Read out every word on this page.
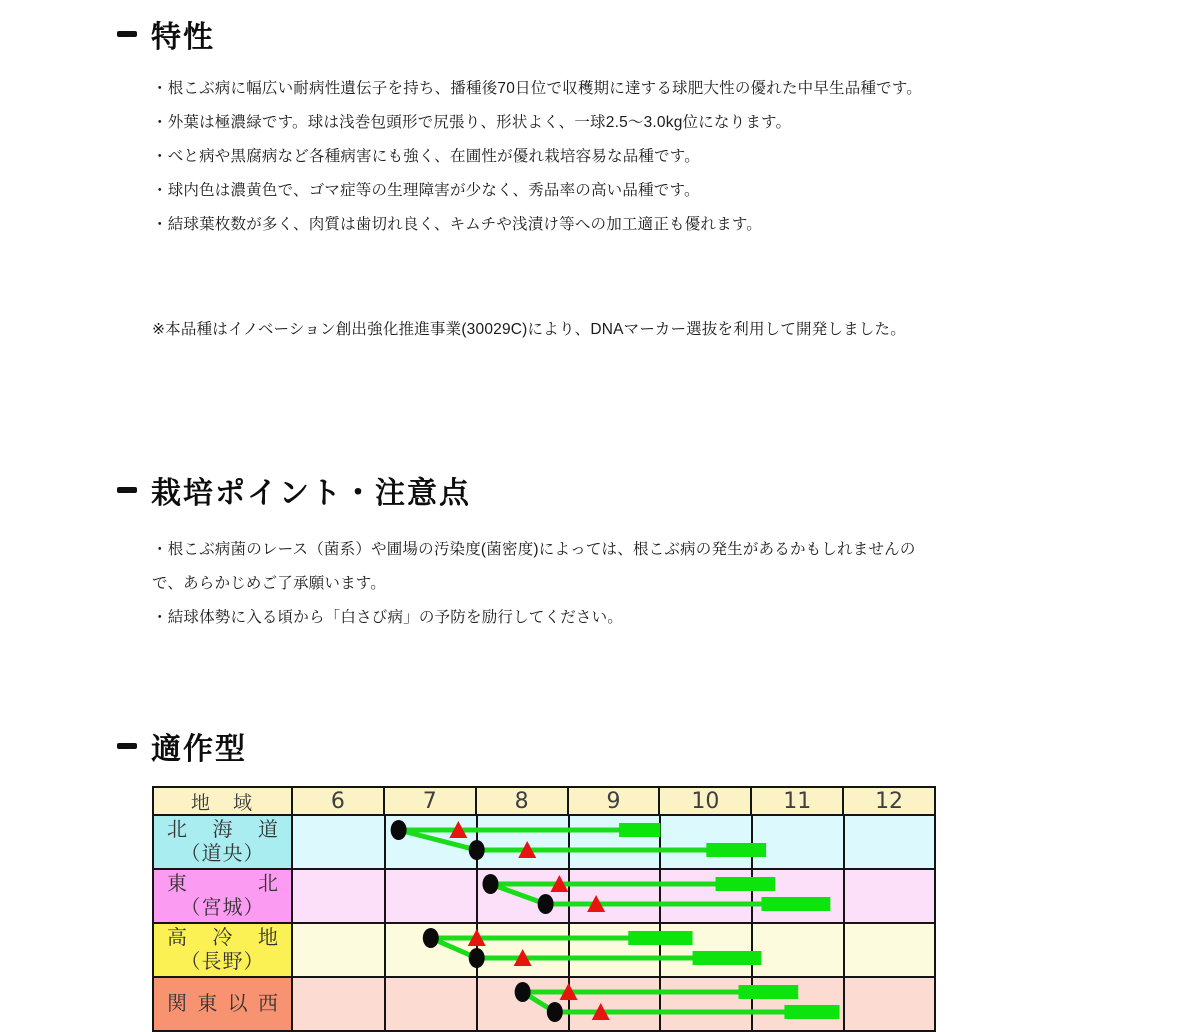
特性
・根こぶ病に幅広い耐病性遺伝子を持ち、播種後70日位で収穫期に達する球肥大性の優れた中早生品種です。
・外葉は極濃緑です。球は浅巻包頭形で尻張り、形状よく、一球2.5〜3.0kg位になります。
・べと病や黒腐病など各種病害にも強く、在圃性が優れ栽培容易な品種です。
・球内色は濃黄色で、ゴマ症等の生理障害が少なく、秀品率の高い品種です。
・結球葉枚数が多く、肉質は歯切れ良く、キムチや浅漬け等への加工適正も優れます。
※本品種はイノベーション創出強化推進事業(30029C)により、DNAマーカー選抜を利用して開発しました。
栽培ポイント・注意点
・根こぶ病菌のレース（菌系）や圃場の汚染度(菌密度)によっては、根こぶ病の発生があるかもしれませんので、あらかじめご了承願います。
・結球体勢に入る頃から「白さび病」の予防を励行してください。
適作型
地　域	6	7	8	9	10	11	12
北 海 道
（道央）
東	北
（宮城）
高 冷 地
（長野）
関 東 以 西
